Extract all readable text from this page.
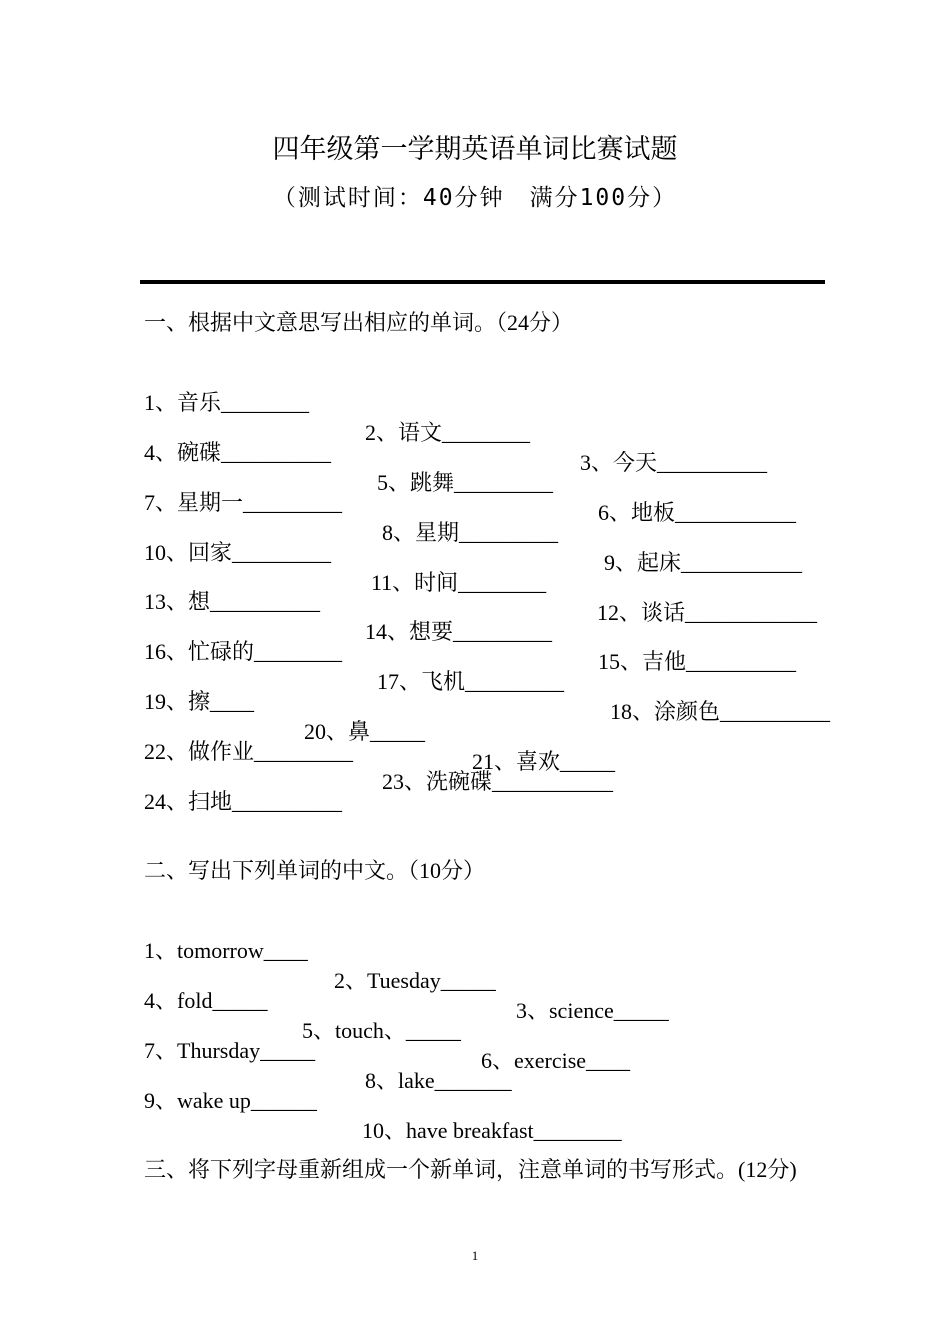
四年级第一学期英语单词比赛试题
（测试时间：40分钟　满分100分）
一、根据中文意思写出相应的单词。（24分）

1、音乐________

2、语文________

3、今天__________

4、碗碟__________

5、跳舞_________

6、地板___________

7、星期一_________

8、星期_________

9、起床___________

10、回家_________

11、时间________

12、谈话____________

13、想__________

14、想要_________

15、吉他__________

16、忙碌的________

17、飞机_________

18、涂颜色__________

19、擦____

20、鼻_____

21、喜欢_____

22、做作业_________

23、洗碗碟___________

24、扫地__________

二、写出下列单词的中文。（10分）

1、tomorrow____

2、Tuesday_____

3、science_____

4、fold_____

5、touch、_____

6、exercise____

7、Thursday_____

8、lake_______

9、wake up______

10、have breakfast________

三、将下列字母重新组成一个新单词，注意单词的书写形式。(12分)
1
